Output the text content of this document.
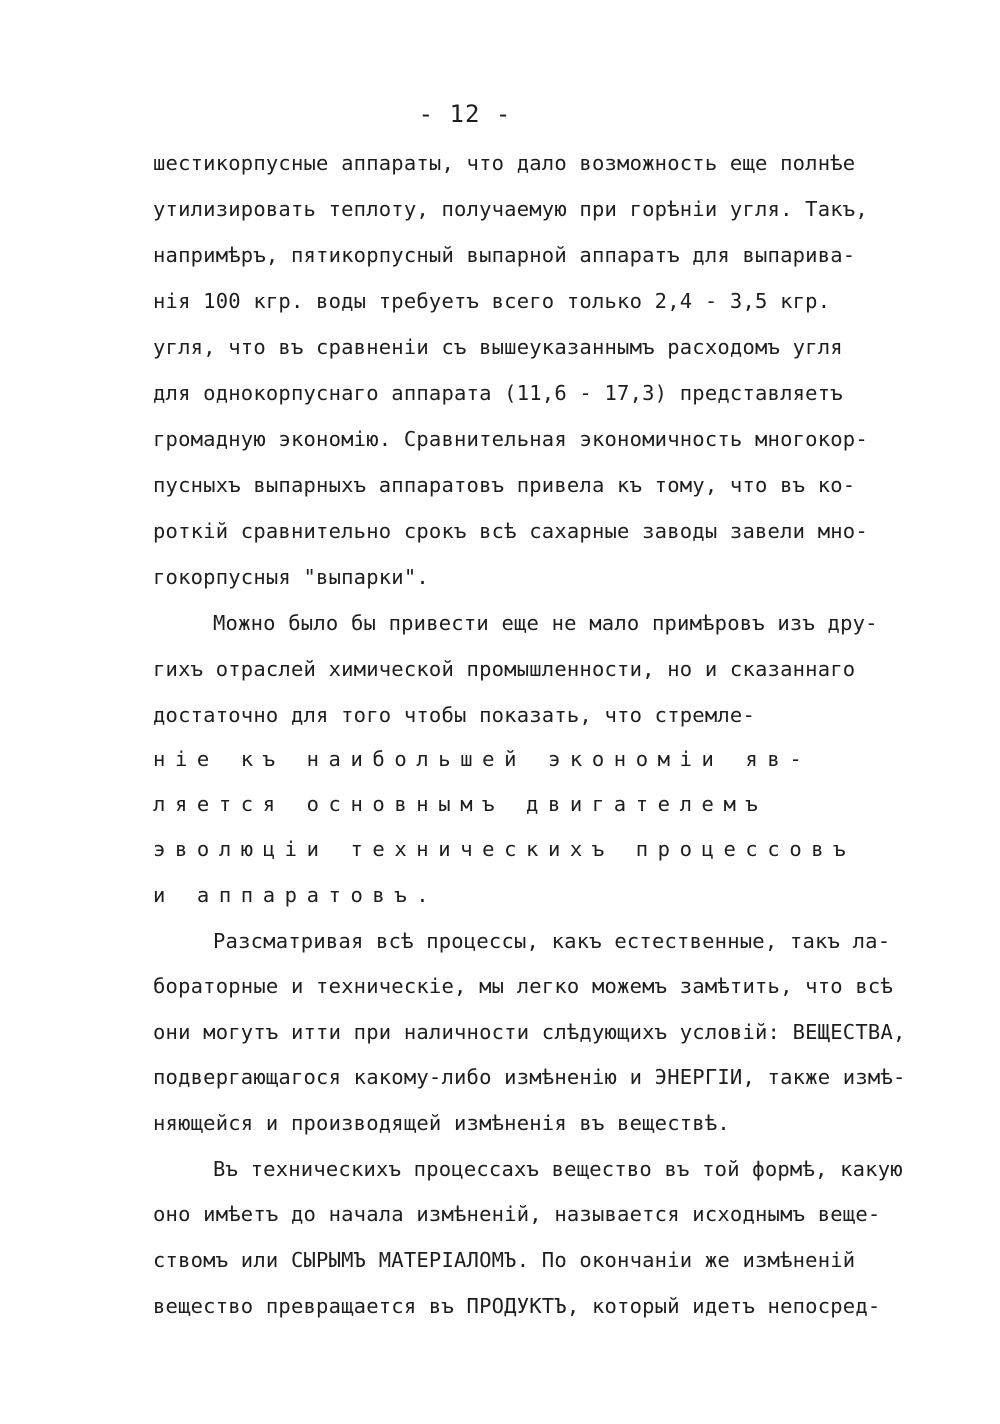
- 12 -
шестикорпусные аппараты, что дало возможность еще полнѣе
утилизировать теплоту, получаемую при горѣніи угля. Такъ,
напримѣръ, пятикорпусный выпарной аппаратъ для выпарива-
нія 100 кгр. воды требуетъ всего только 2,4 - 3,5 кгр.
угля, что въ сравненіи съ вышеуказаннымъ расходомъ угля
для однокорпуснаго аппарата (11,6 - 17,3) представляетъ
громадную экономію. Сравнительная экономичность многокор-
пусныхъ выпарныхъ аппаратовъ привела къ тому, что въ ко-
роткій сравнительно срокъ всѣ сахарные заводы завели мно-
гокорпусныя "выпарки".
Можно было бы привести еще не мало примѣровъ изъ дру-
гихъ отраслей химической промышленности, но и сказаннаго
достаточно для того чтобы показать, что стремле-
ніе къ наибольшей экономіи яв-
ляется основнымъ двигателемъ
эволюціи техническихъ процессовъ
и аппаратовъ.
Разсматривая всѣ процессы, какъ естественные, такъ ла-
бораторные и техническіе, мы легко можемъ замѣтить, что всѣ
они могутъ итти при наличности слѣдующихъ условій: ВЕЩЕСТВА,
подвергающагося какому-либо измѣненію и ЭНЕРГІИ, также измѣ-
няющейся и производящей измѣненія въ веществѣ.
Въ техническихъ процессахъ вещество въ той формѣ, какую
оно имѣетъ до начала измѣненій, называется исходнымъ веще-
ствомъ или СЫРЫМЪ МАТЕРІАЛОМЪ. По окончаніи же измѣненій
вещество превращается въ ПРОДУКТЪ, который идетъ непосред-
